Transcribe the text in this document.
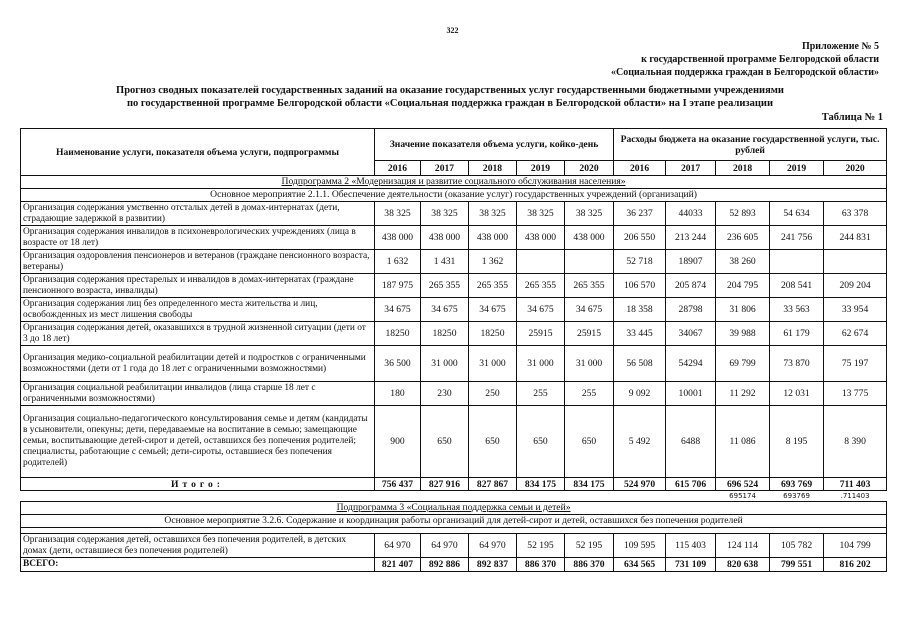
322
Приложение № 5
к государственной программе Белгородской области
«Социальная поддержка граждан в Белгородской области»
Прогноз сводных показателей государственных заданий на оказание государственных услуг государственными бюджетными учреждениями
по государственной программе Белгородской области «Социальная поддержка граждан в Белгородской области» на I этапе реализации
Таблица № 1
Наименование услуги, показателя объема услуги, подпрограммы	Значение показателя объема услуги, койко-день					Расходы бюджета на оказание государственной услуги, тыс. рублей				
	2016	2017	2018	2019	2020	2016	2017	2018	2019	2020
Подпрограмма 2 «Модернизация и развитие социального обслуживания населения»										
Основное мероприятие 2.1.1. Обеспечение деятельности (оказание услуг) государственных учреждений (организаций)										
Организация содержания умственно отсталых детей в домах-интернатах (дети, страдающие задержкой в развитии)	38 325	38 325	38 325	38 325	38 325	36 237	44033	52 893	54 634	63 378
Организация содержания инвалидов в психоневрологических учреждениях (лица в возрасте от 18 лет)	438 000	438 000	438 000	438 000	438 000	206 550	213 244	236 605	241 756	244 831
Организация оздоровления пенсионеров и ветеранов (граждане пенсионного возраста, ветераны)	1 632	1 431	1 362			52 718	18907	38 260		
Организация содержания престарелых и инвалидов в домах-интернатах (граждане пенсионного возраста, инвалиды)	187 975	265 355	265 355	265 355	265 355	106 570	205 874	204 795	208 541	209 204
Организация содержания лиц без определенного места жительства и лиц, освобожденных из мест лишения свободы	34 675	34 675	34 675	34 675	34 675	18 358	28798	31 806	33 563	33 954
Организация содержания детей, оказавшихся в трудной жизненной ситуации (дети от 3 до 18 лет)	18250	18250	18250	25915	25915	33 445	34067	39 988	61 179	62 674
Организация медико-социальной реабилитации детей и подростков с ограниченными возможностями (дети от 1 года до 18 лет с ограниченными возможностями)	36 500	31 000	31 000	31 000	31 000	56 508	54294	69 799	73 870	75 197
Организация социальной реабилитации инвалидов (лица старше 18 лет с ограниченными возможностями)	180	230	250	255	255	9 092	10001	11 292	12 031	13 775
Организация социально-педагогического консультирования семье и детям (кандидаты в усыновители, опекуны; дети, передаваемые на воспитание в семью; замещающие семьи, воспитывающие детей-сирот и детей, оставшихся без попечения родителей; специалисты, работающие с семьей; дети-сироты, оставшиеся без попечения родителей)	900	650	650	650	650	5 492	6488	11 086	8 195	8 390
Итого:	756 437	827 916	827 867	834 175	834 175	524 970	615 706	696 524	693 769	711 403
								695174	693769	.711403
Подпрограмма 3 «Социальная поддержка семьи и детей»										
Основное мероприятие 3.2.6. Содержание и координация работы организаций для детей-сирот и детей, оставшихся без попечения родителей										

Организация содержания детей, оставшихся без попечения родителей, в детских домах (дети, оставшиеся без попечения родителей)	64 970	64 970	64 970	52 195	52 195	109 595	115 403	124 114	105 782	104 799
ВСЕГО:	821 407	892 886	892 837	886 370	886 370	634 565	731 109	820 638	799 551	816 202
